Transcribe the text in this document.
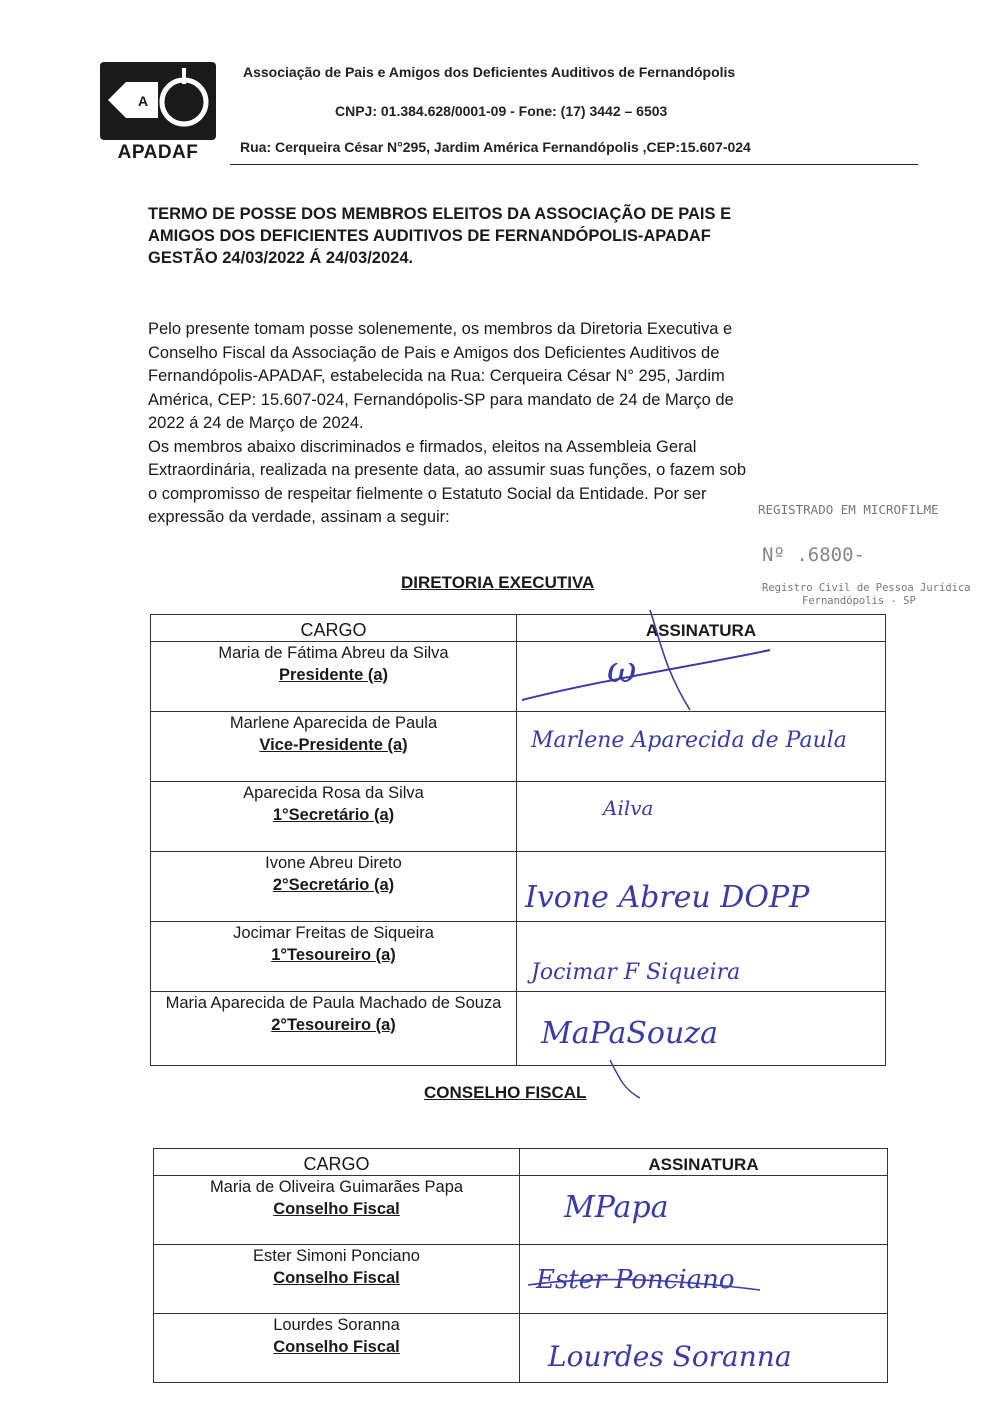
A
APADAF
Associação de Pais e Amigos dos Deficientes Auditivos de Fernandópolis
CNPJ: 01.384.628/0001-09 - Fone: (17) 3442 – 6503
Rua: Cerqueira César N°295, Jardim América Fernandópolis ,CEP:15.607-024
TERMO DE POSSE DOS MEMBROS ELEITOS DA ASSOCIAÇÃO DE PAIS E
AMIGOS DOS DEFICIENTES AUDITIVOS DE FERNANDÓPOLIS-APADAF
GESTÃO 24/03/2022 Á 24/03/2024.
Pelo presente tomam posse solenemente, os membros da Diretoria Executiva e
Conselho Fiscal da Associação de Pais e Amigos dos Deficientes Auditivos de
Fernandópolis-APADAF, estabelecida na Rua: Cerqueira César N° 295, Jardim
América, CEP: 15.607-024, Fernandópolis-SP para mandato de 24 de Março de
2022 á 24 de Março de 2024.
Os membros abaixo discriminados e firmados, eleitos na Assembleia Geral
Extraordinária, realizada na presente data, ao assumir suas funções, o fazem sob
o compromisso de respeitar fielmente o Estatuto Social da Entidade. Por ser
expressão da verdade, assinam a seguir:	REGISTRADO EM MICROFILME
Nº .6800-
Registro Civil de Pessoa Jurídica
Fernandópolis - SP
DIRETORIA EXECUTIVA
CARGO	ASSINATURA

Maria de Fátima Abreu da Silva
Presidente (a)	ω

Marlene Aparecida de Paula
Vice-Presidente (a)	Marlene Aparecida de Paula

Aparecida Rosa da Silva
1°Secretário (a)	Ailva

Ivone Abreu Direto
2°Secretário (a)	Ivone Abreu DOPP

Jocimar Freitas de Siqueira
1°Tesoureiro (a)	Jocimar F Siqueira

Maria Aparecida de Paula Machado de Souza
2°Tesoureiro (a)	MaPaSouza
CONSELHO FISCAL
CARGO	ASSINATURA

Maria de Oliveira Guimarães Papa
Conselho Fiscal	MPapa

Ester Simoni Ponciano
Conselho Fiscal	Ester Ponciano

Lourdes Soranna
Conselho Fiscal	Lourdes Soranna
